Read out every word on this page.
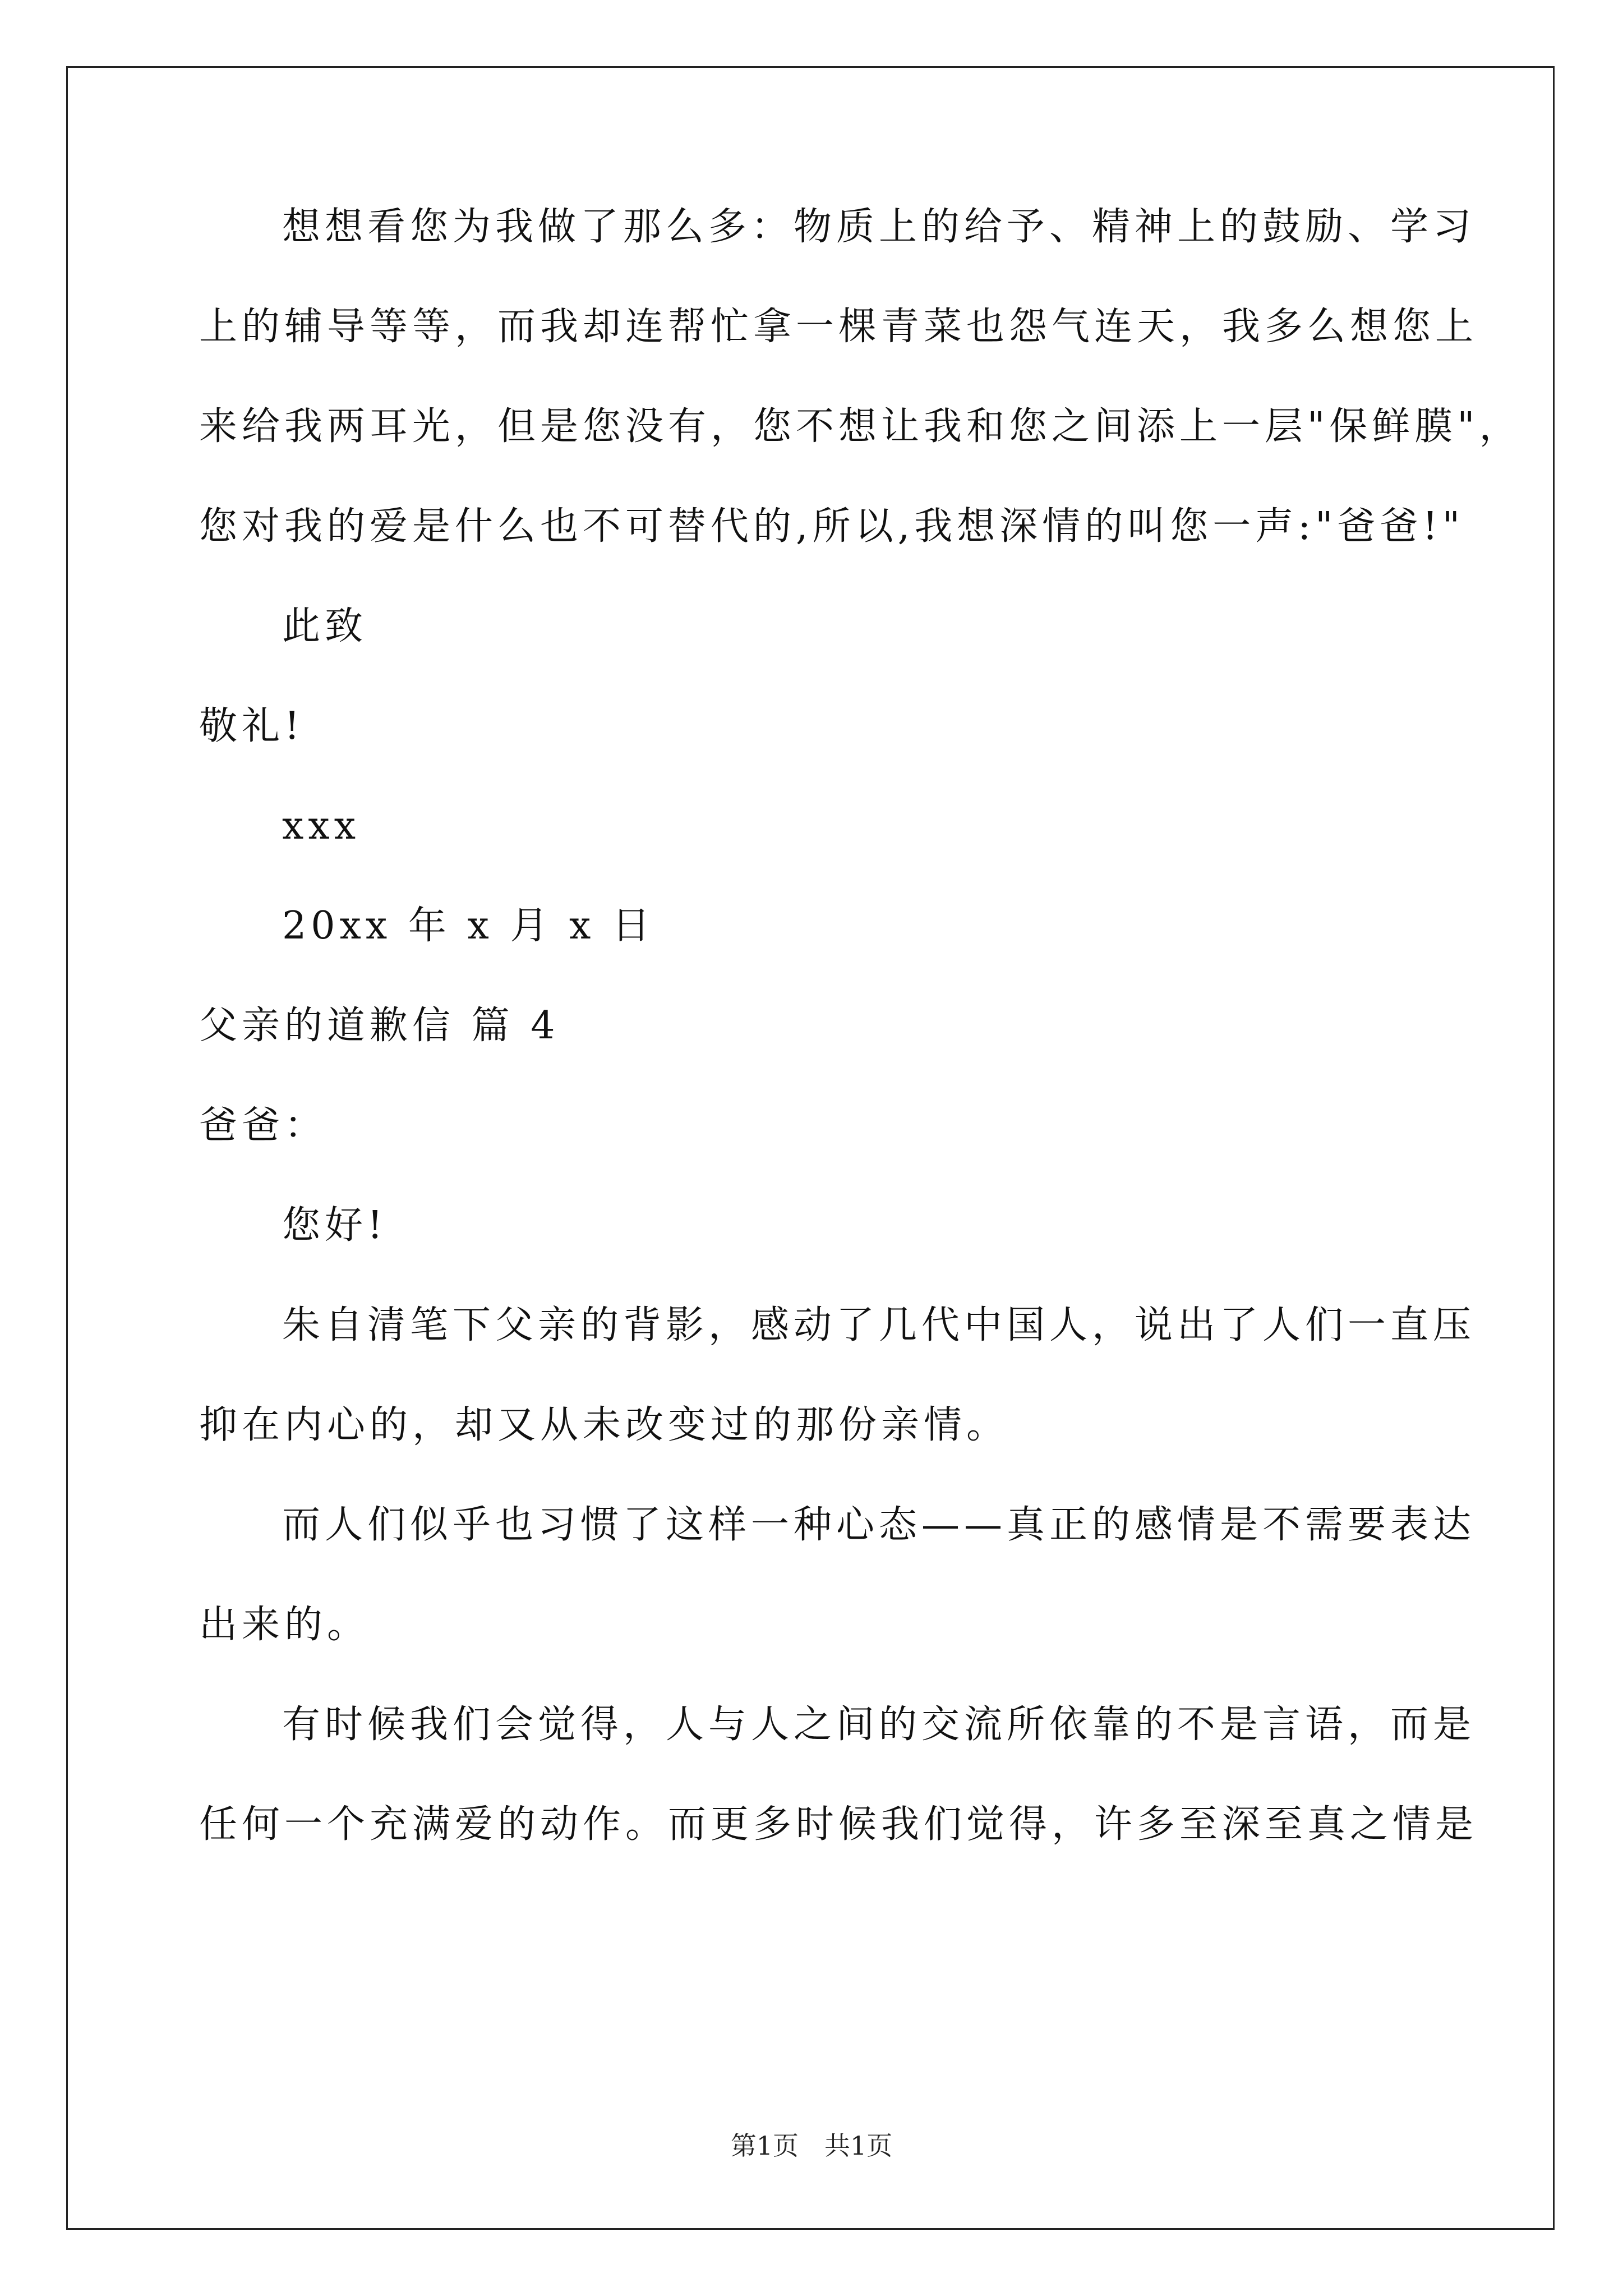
想想看您为我做了那么多：物质上的给予、精神上的鼓励、学习
上的辅导等等，而我却连帮忙拿一棵青菜也怨气连天，我多么想您上
来给我两耳光，但是您没有，您不想让我和您之间添上一层"保鲜膜"，
您对我的爱是什么也不可替代的,所以,我想深情的叫您一声:"爸爸!"
此致
敬礼!
xxx
20xx 年 x 月 x 日
父亲的道歉信 篇 4
爸爸：
您好!
朱自清笔下父亲的背影，感动了几代中国人，说出了人们一直压
抑在内心的，却又从未改变过的那份亲情。
而人们似乎也习惯了这样一种心态——真正的感情是不需要表达
出来的。
有时候我们会觉得，人与人之间的交流所依靠的不是言语，而是
任何一个充满爱的动作。而更多时候我们觉得，许多至深至真之情是
第1页　共1页
